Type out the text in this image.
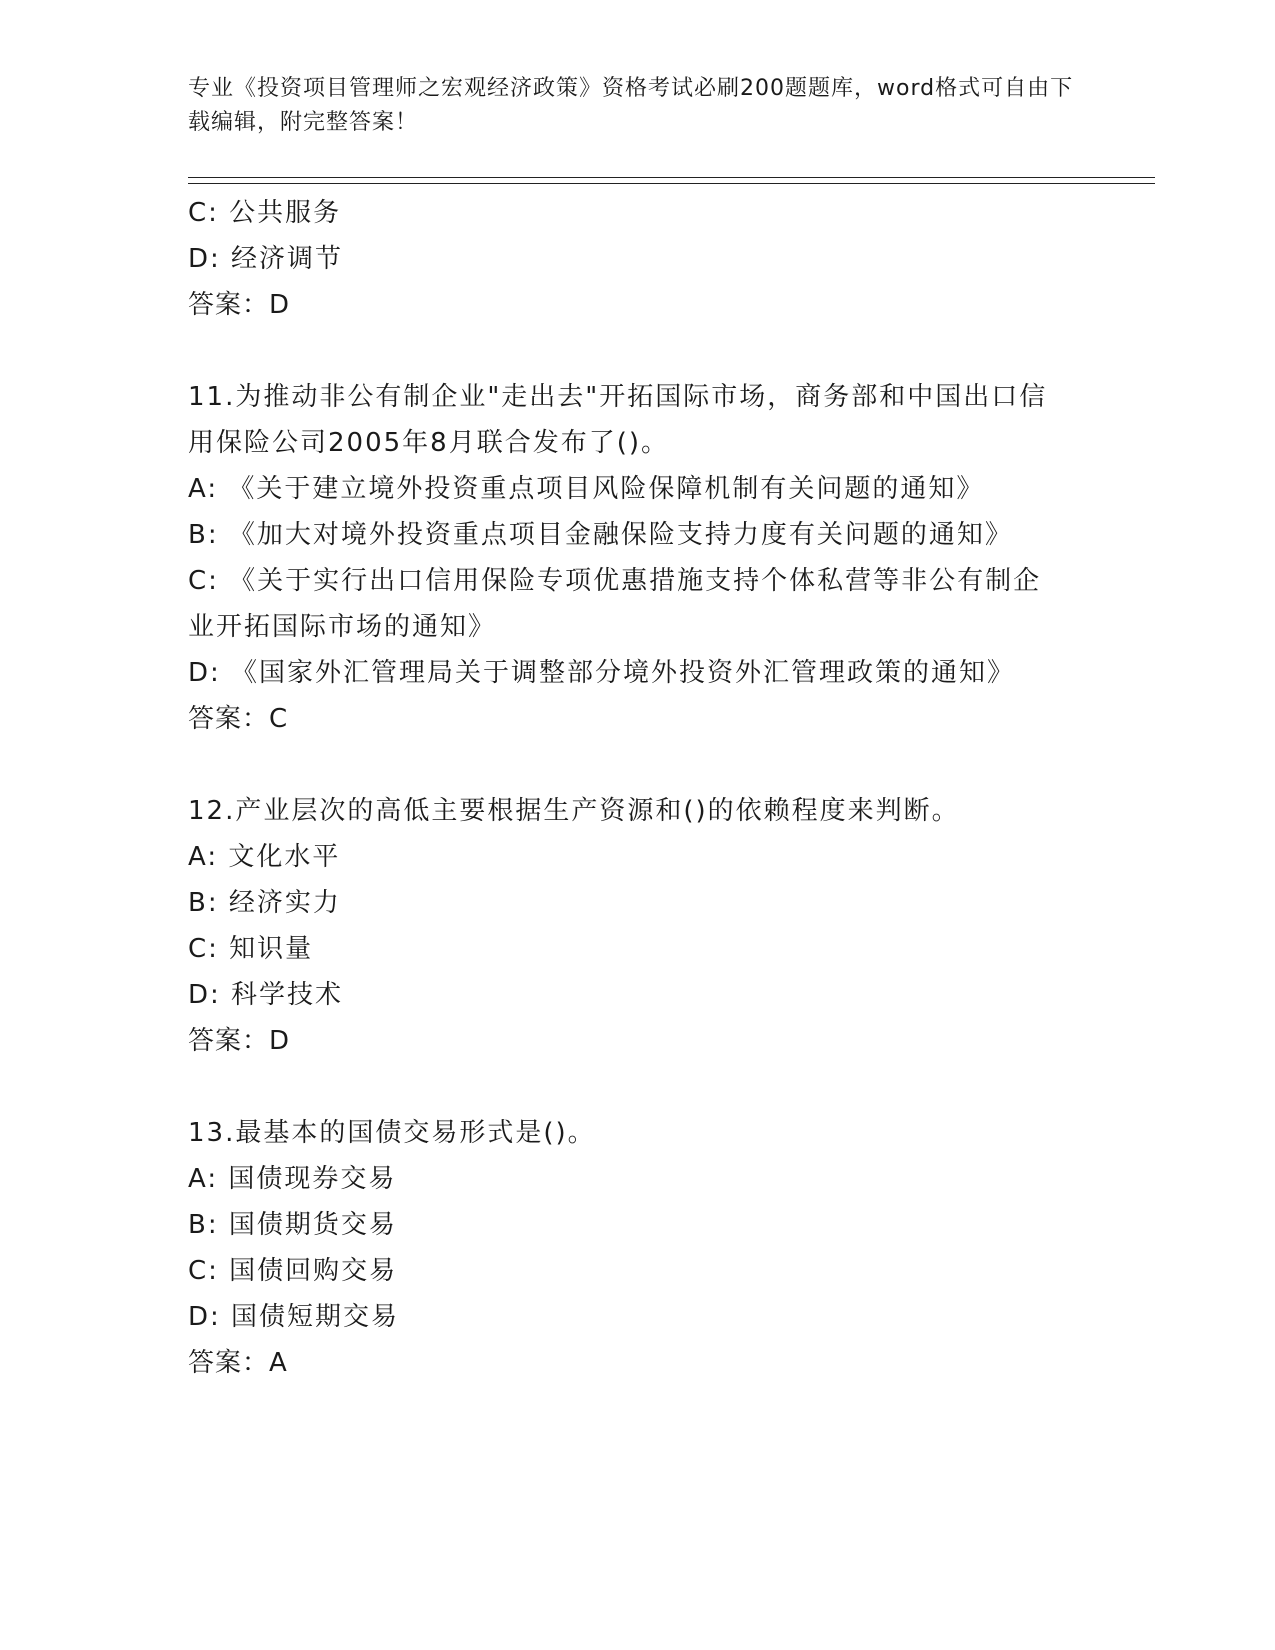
专业《投资项目管理师之宏观经济政策》资格考试必刷200题题库，word格式可自由下载编辑，附完整答案！
C: 公共服务
D: 经济调节
答案：D
11.为推动非公有制企业"走出去"开拓国际市场，商务部和中国出口信
用保险公司2005年8月联合发布了()。
A: 《关于建立境外投资重点项目风险保障机制有关问题的通知》
B: 《加大对境外投资重点项目金融保险支持力度有关问题的通知》
C: 《关于实行出口信用保险专项优惠措施支持个体私营等非公有制企
业开拓国际市场的通知》
D: 《国家外汇管理局关于调整部分境外投资外汇管理政策的通知》
答案：C
12.产业层次的高低主要根据生产资源和()的依赖程度来判断。
A: 文化水平
B: 经济实力
C: 知识量
D: 科学技术
答案：D
13.最基本的国债交易形式是()。
A: 国债现券交易
B: 国债期货交易
C: 国债回购交易
D: 国债短期交易
答案：A
